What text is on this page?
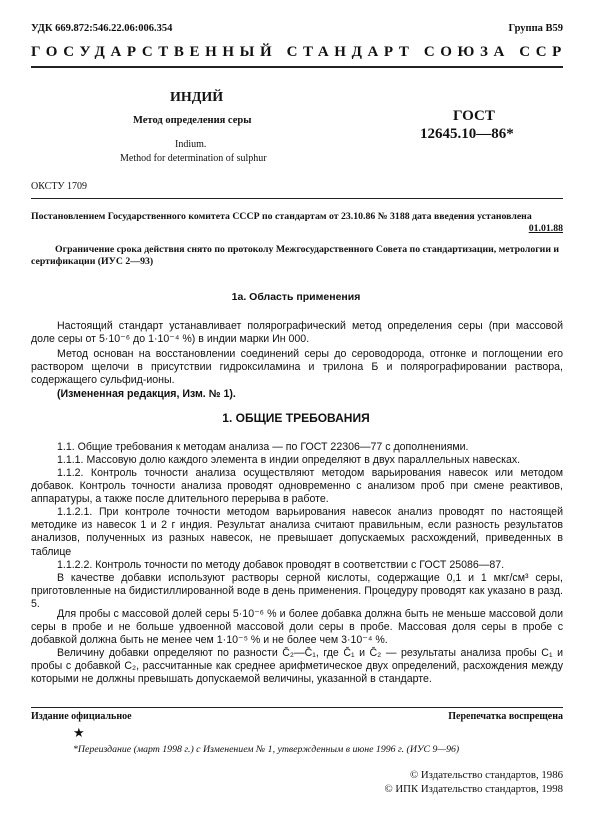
УДК 669.872:546.22.06:006.354	Группа В59
ГОСУДАРСТВЕННЫЙ СТАНДАРТ СОЮЗА ССР
ИНДИЙ
Метод определения серы
Indium.
Method for determination of sulphur
ГОСТ
12645.10—86*
ОКСТУ 1709
Постановлением Государственного комитета СССР по стандартам от 23.10.86 № 3188 дата введения установлена
01.01.88
Ограничение срока действия снято по протоколу Межгосударственного Совета по стандартизации, метрологии и сертификации (ИУС 2—93)
1а. Область применения
Настоящий стандарт устанавливает полярографический метод определения серы (при массовой доле серы от 5·10⁻⁶ до 1·10⁻⁴ %) в индии марки Ин 000.
Метод основан на восстановлении соединений серы до сероводорода, отгонке и поглощении его раствором щелочи в присутствии гидроксиламина и трилона Б и полярографировании раствора, содержащего сульфид-ионы.
(Измененная редакция, Изм. № 1).
1. ОБЩИЕ ТРЕБОВАНИЯ
1.1. Общие требования к методам анализа — по ГОСТ 22306—77 с дополнениями.
1.1.1. Массовую долю каждого элемента в индии определяют в двух параллельных навесках.
1.1.2. Контроль точности анализа осуществляют методом варьирования навесок или методом добавок. Контроль точности анализа проводят одновременно с анализом проб при смене реактивов, аппаратуры, а также после длительного перерыва в работе.
1.1.2.1. При контроле точности методом варьирования навесок анализ проводят по настоящей методике из навесок 1 и 2 г индия. Результат анализа считают правильным, если разность результатов анализов, полученных из разных навесок, не превышает допускаемых расхождений, приведенных в таблице
1.1.2.2. Контроль точности по методу добавок проводят в соответствии с ГОСТ 25086—87.
В качестве добавки используют растворы серной кислоты, содержащие 0,1 и 1 мкг/см³ серы, приготовленные на бидистиллированной воде в день применения. Процедуру проводят как указано в разд. 5.
Для пробы с массовой долей серы 5·10⁻⁶ % и более добавка должна быть не меньше массовой доли серы в пробе и не больше удвоенной массовой доли серы в пробе. Массовая доля серы в пробе с добавкой должна быть не менее чем 1·10⁻⁵ % и не более чем 3·10⁻⁴ %.
Величину добавки определяют по разности C̄₂—C̄₁, где C̄₁ и C̄₂ — результаты анализа пробы C₁ и пробы с добавкой C₂, рассчитанные как среднее арифметическое двух определений, расхождения между которыми не должны превышать допускаемой величины, указанной в стандарте.
Издание официальное	Перепечатка воспрещена
★
*Переиздание (март 1998 г.) с Изменением № 1, утвержденным в июне 1996 г. (ИУС 9—96)
© Издательство стандартов, 1986
© ИПК Издательство стандартов, 1998
